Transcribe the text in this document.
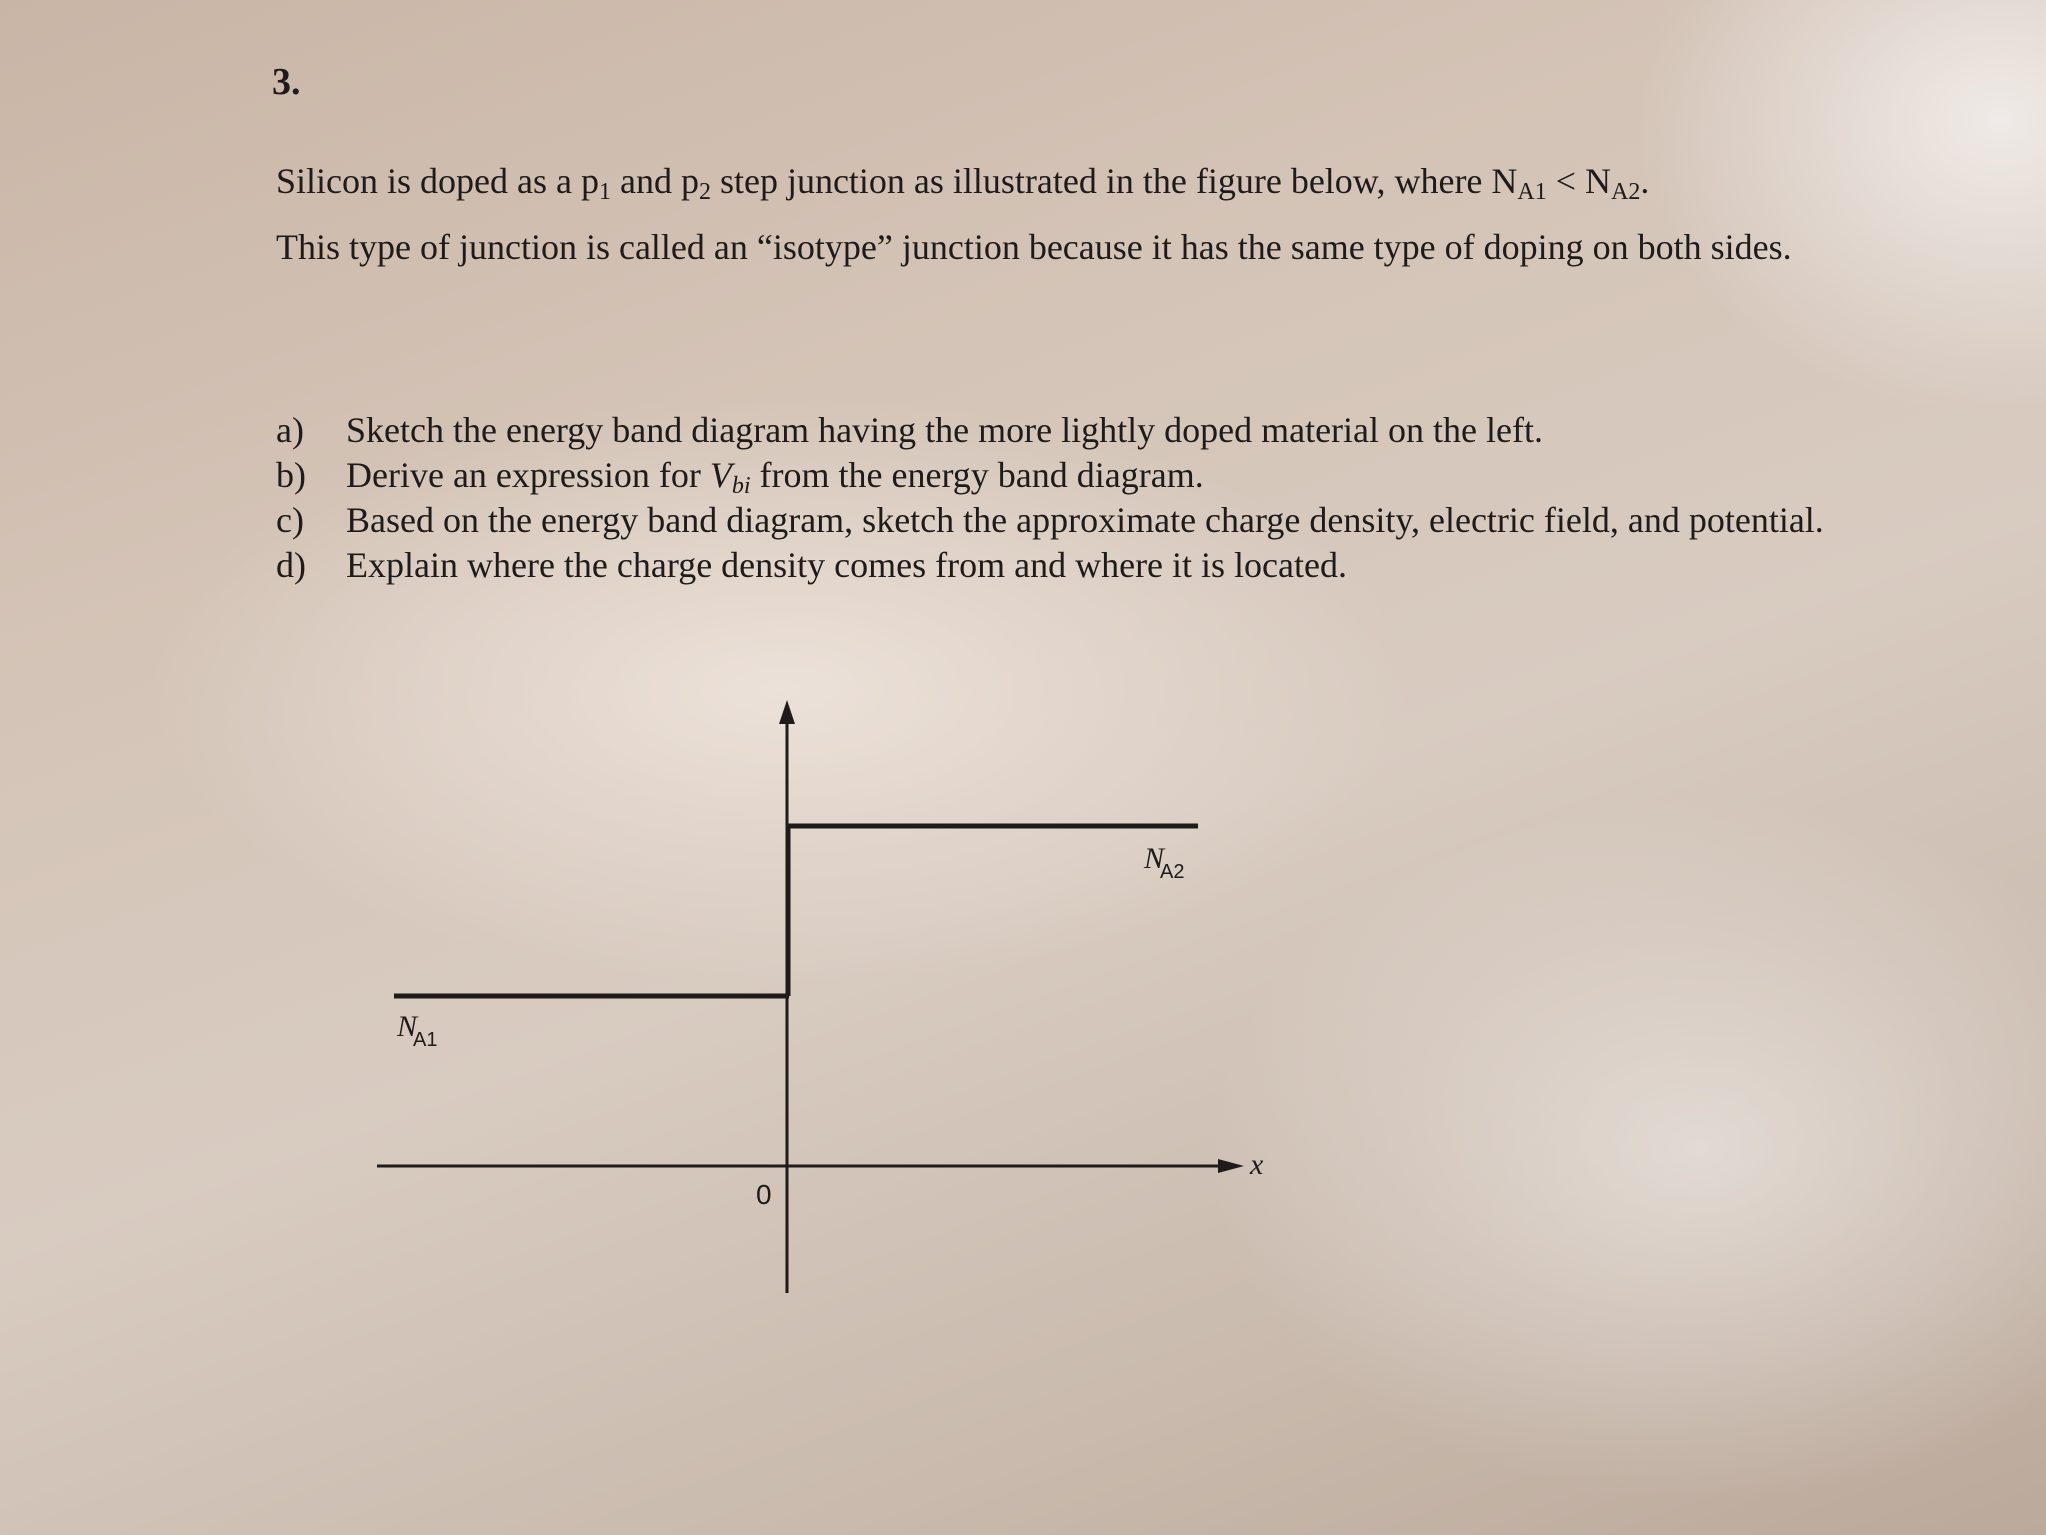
3.

Silicon is doped as a $p_1$ and $p_2$ step junction as illustrated in the figure below, where $N_{A1} < N_{A2}$.

This type of junction is called an “isotype” junction because it has the same type of doping on both sides.

a)	Sketch the energy band diagram having the more lightly doped material on the left.
b)	Derive an expression for $V_{bi}$ from the energy band diagram.
c)	Based on the energy band diagram, sketch the approximate charge density, electric field, and potential.
d)	Explain where the charge density comes from and where it is located.
NA1
NA2
0
x
